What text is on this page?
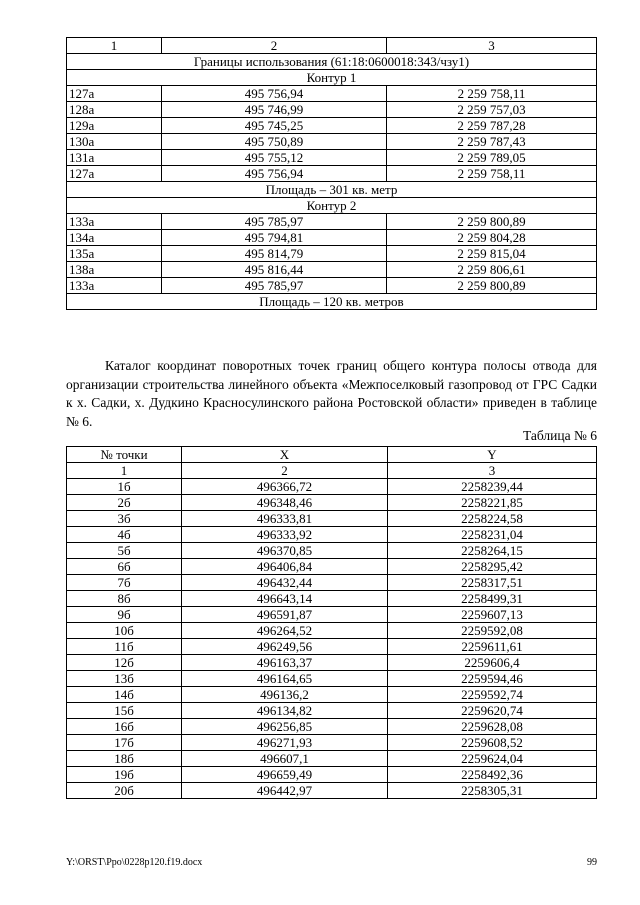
1	2	3
Границы использования (61:18:0600018:343/чзу1)		
Контур 1		
127а	495 756,94	2 259 758,11
128а	495 746,99	2 259 757,03
129а	495 745,25	2 259 787,28
130а	495 750,89	2 259 787,43
131а	495 755,12	2 259 789,05
127а	495 756,94	2 259 758,11
Площадь – 301 кв. метр		
Контур 2		
133а	495 785,97	2 259 800,89
134а	495 794,81	2 259 804,28
135а	495 814,79	2 259 815,04
138а	495 816,44	2 259 806,61
133а	495 785,97	2 259 800,89
Площадь – 120 кв. метров		

Каталог координат поворотных точек границ общего контура полосы отвода для организации строительства линейного объекта «Межпоселковый газопровод от ГРС Садки к х. Садки, х. Дудкино Красносулинского района Ростовской области» приведен в таблице № 6.

Таблица № 6
№ точки	X	Y
1	2	3
1б	496366,72	2258239,44
2б	496348,46	2258221,85
3б	496333,81	2258224,58
4б	496333,92	2258231,04
5б	496370,85	2258264,15
6б	496406,84	2258295,42
7б	496432,44	2258317,51
8б	496643,14	2258499,31
9б	496591,87	2259607,13
10б	496264,52	2259592,08
11б	496249,56	2259611,61
12б	496163,37	2259606,4
13б	496164,65	2259594,46
14б	496136,2	2259592,74
15б	496134,82	2259620,74
16б	496256,85	2259628,08
17б	496271,93	2259608,52
18б	496607,1	2259624,04
19б	496659,49	2258492,36
20б	496442,97	2258305,31
Y:\ORST\Ppo\0228p120.f19.docx	99
